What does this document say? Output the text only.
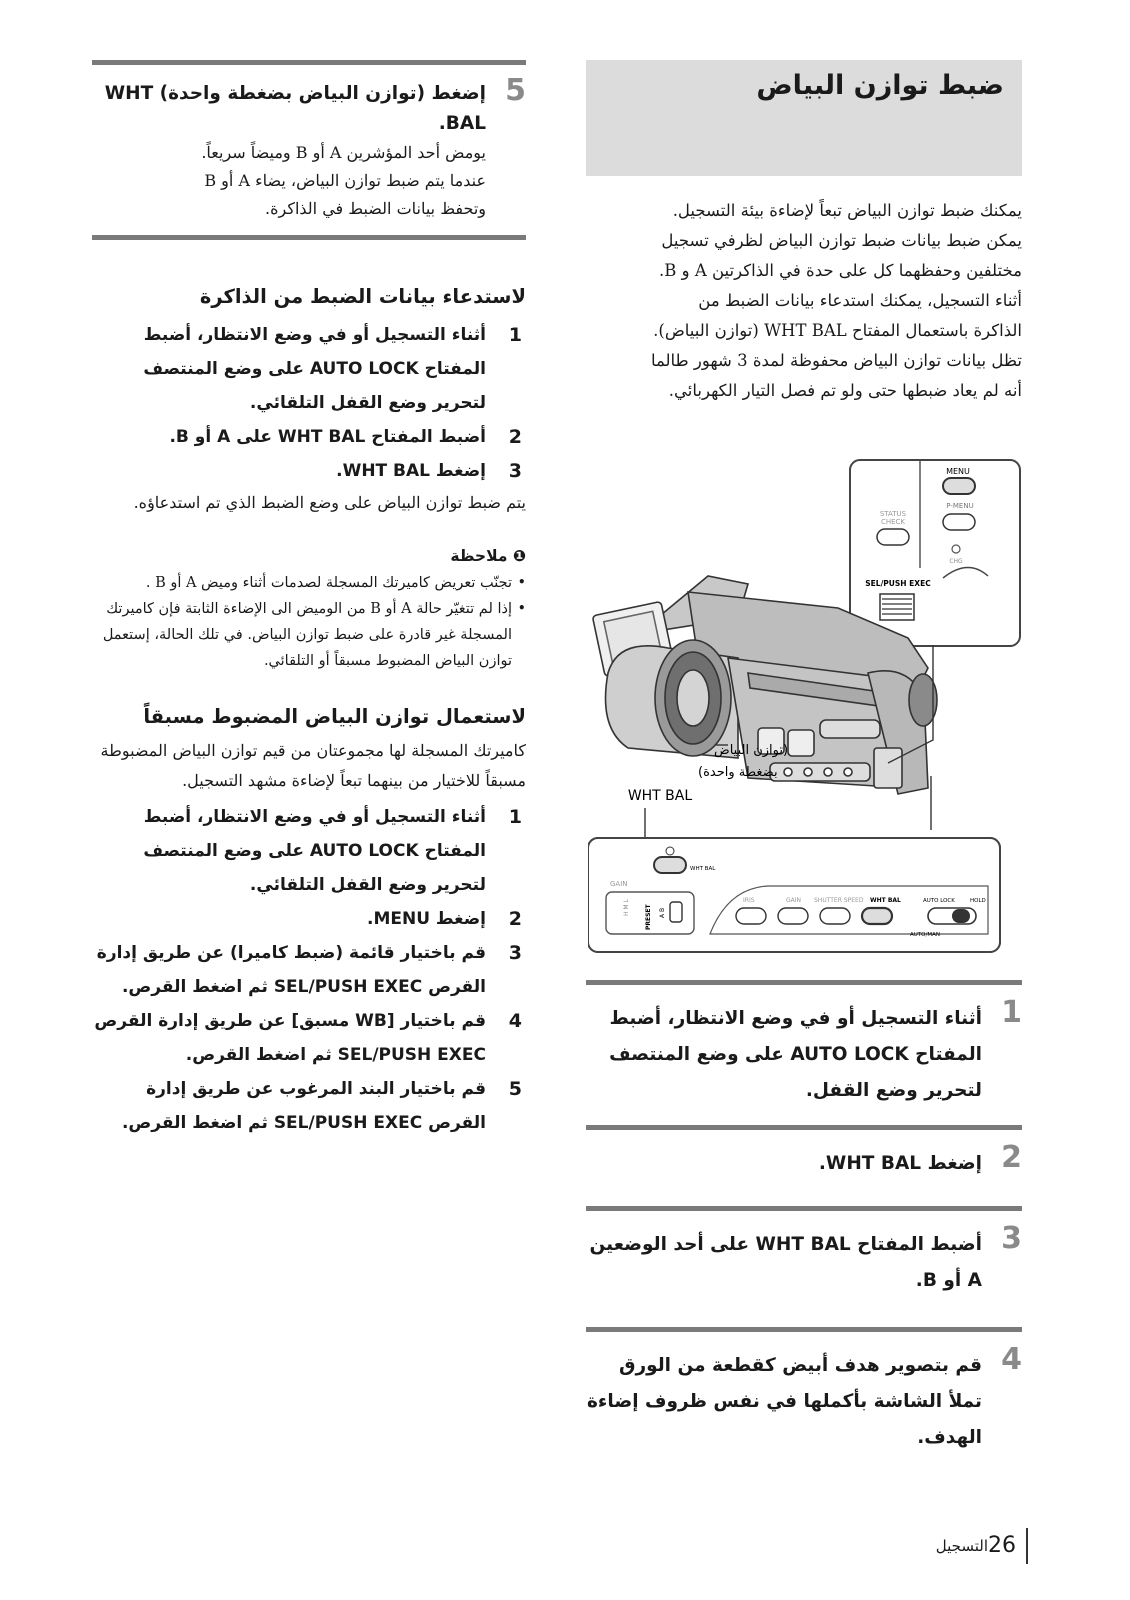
ضبط توازن البياض

يمكنك ضبط توازن البياض تبعاً لإضاءة بيئة التسجيل.

يمكن ضبط بيانات ضبط توازن البياض لظرفي تسجيل

مختلفين وحفظهما كل على حدة في الذاكرتين A و B.

أثناء التسجيل، يمكنك استدعاء بيانات الضبط من

الذاكرة باستعمال المفتاح WHT BAL (توازن البياض).

تظل بيانات توازن البياض محفوظة لمدة 3 شهور طالما

أنه لم يعاد ضبطها حتى ولو تم فصل التيار الكهربائي.

MENU
P-MENU
STATUS
CHECK
CHG
SEL/PUSH EXEC
(توازن البياض
بضغطة واحدة)
WHT BAL
WHT BAL
GAIN
H M L	PRESET A B
IRIS	GAIN SHUTTER SPEED WHT BAL	AUTO LOCK	HOLD
AUTO/MAN
1
أثناء التسجيل أو في وضع الانتظار، أضبط المفتاح AUTO LOCK على وضع المنتصف لتحرير وضع القفل.
2
إضغط WHT BAL.
3
أضبط المفتاح WHT BAL على أحد الوضعين A أو B.
4
قم بتصوير هدف أبيض كقطعة من الورق تملأ الشاشة بأكملها في نفس ظروف إضاءة الهدف.
5
إضغط (توازن البياض بضغطة واحدة) WHT BAL.

يومض أحد المؤشرين A أو B وميضاً سريعاً.

عندما يتم ضبط توازن البياض، يضاء A أو B

وتحفظ بيانات الضبط في الذاكرة.

لاستدعاء بيانات الضبط من الذاكرة
1
أثناء التسجيل أو في وضع الانتظار، أضبط المفتاح AUTO LOCK على وضع المنتصف لتحرير وضع القفل التلقائي.
2
أضبط المفتاح WHT BAL على A أو B.
3
إضغط WHT BAL.

يتم ضبط توازن البياض على وضع الضبط الذي تم استدعاؤه.

❶ ملاحظة

• تجنّب تعريض كاميرتك المسجلة لصدمات أثناء وميض A أو B .
• إذا لم تتغيّر حالة A أو B من الوميض الى الإضاءة الثابتة فإن كاميرتك المسجلة غير قادرة على ضبط توازن البياض. في تلك الحالة، إستعمل توازن البياض المضبوط مسبقاً أو التلقائي.
لاستعمال توازن البياض المضبوط مسبقاً

كاميرتك المسجلة لها مجموعتان من قيم توازن البياض المضبوطة مسبقاً للاختيار من بينهما تبعاً لإضاءة مشهد التسجيل.

1
أثناء التسجيل أو في وضع الانتظار، أضبط المفتاح AUTO LOCK على وضع المنتصف لتحرير وضع القفل التلقائي.
2
إضغط MENU.
3
قم باختيار قائمة (ضبط كاميرا) عن طريق إدارة القرص SEL/PUSH EXEC ثم اضغط القرص.
4
قم باختيار [WB مسبق] عن طريق إدارة القرص SEL/PUSH EXEC ثم اضغط القرص.
5
قم باختيار البند المرغوب عن طريق إدارة القرص SEL/PUSH EXEC ثم اضغط القرص.
26
التسجيل
